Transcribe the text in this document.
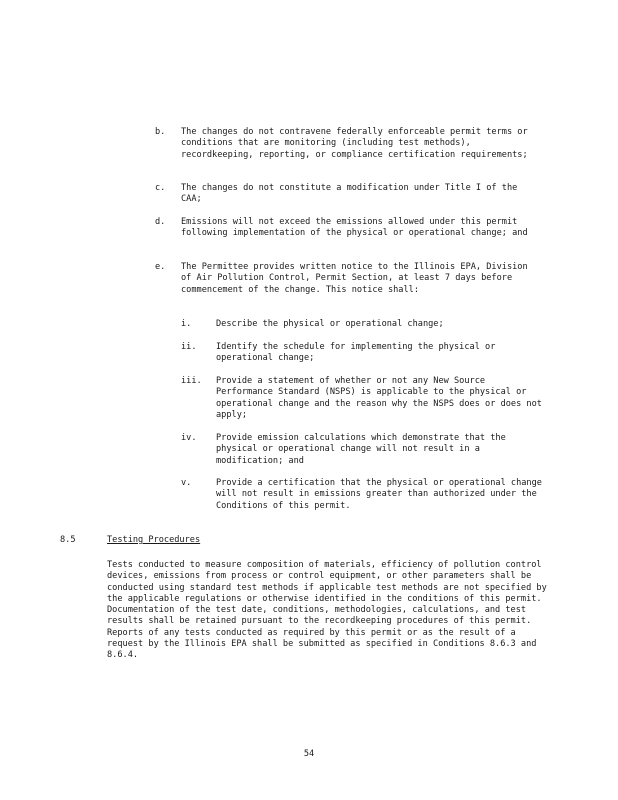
b. The changes do not contravene federally enforceable permit terms or conditions that are monitoring (including test methods), recordkeeping, reporting, or compliance certification requirements;
c. The changes do not constitute a modification under Title I of the CAA;
d. Emissions will not exceed the emissions allowed under this permit following implementation of the physical or operational change; and
e. The Permittee provides written notice to the Illinois EPA, Division of Air Pollution Control, Permit Section, at least 7 days before commencement of the change. This notice shall:
i.	Describe the physical or operational change;
ii. Identify the schedule for implementing the physical or operational change;
iii. Provide a statement of whether or not any New Source Performance Standard (NSPS) is applicable to the physical or operational change and the reason why the NSPS does or does not apply;
iv. Provide emission calculations which demonstrate that the physical or operational change will not result in a modification; and
v.	Provide a certification that the physical or operational change will not result in emissions greater than authorized under the Conditions of this permit.
8.5	Testing Procedures
Tests conducted to measure composition of materials, efficiency of pollution control devices, emissions from process or control equipment, or other parameters shall be conducted using standard test methods if applicable test methods are not specified by the applicable regulations or otherwise identified in the conditions of this permit. Documentation of the test date, conditions, methodologies, calculations, and test results shall be retained pursuant to the recordkeeping procedures of this permit. Reports of any tests conducted as required by this permit or as the result of a request by the Illinois EPA shall be submitted as specified in Conditions 8.6.3 and 8.6.4.
54
